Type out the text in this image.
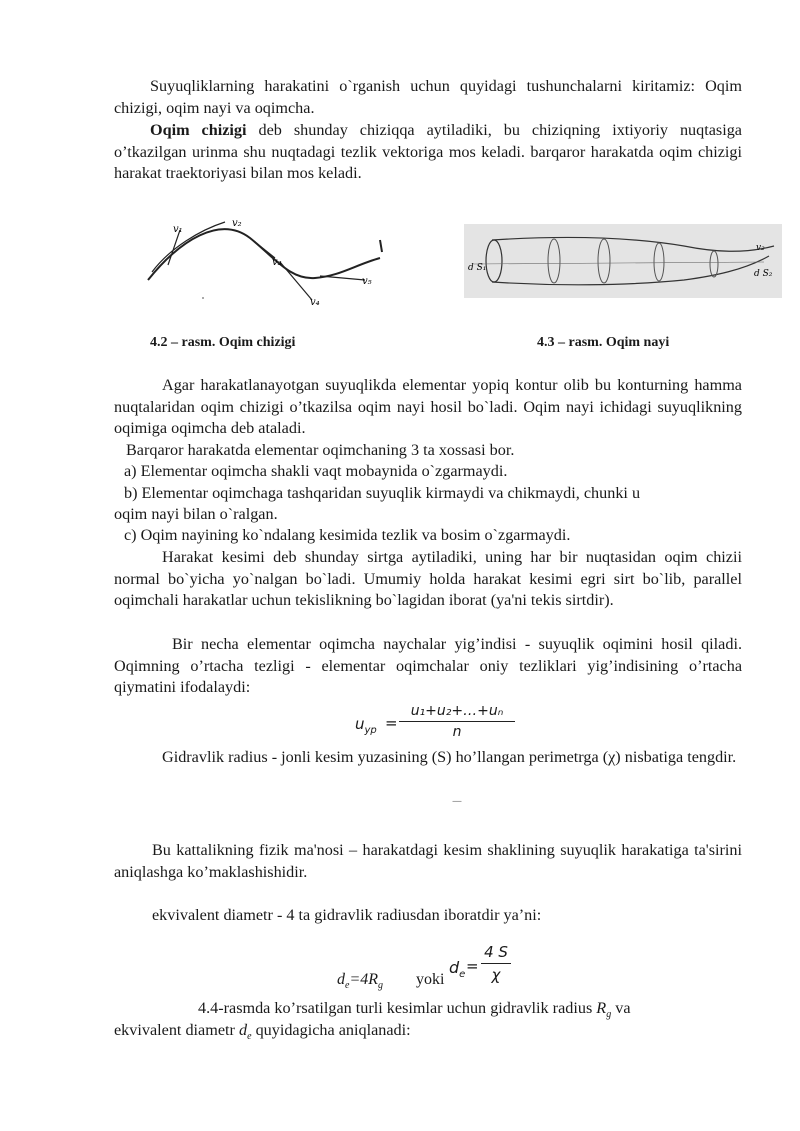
Suyuqliklarning harakatini o`rganish uchun quyidagi tushunchalarni kiritamiz: Oqim chizigi, oqim nayi va oqimcha.

Oqim chizigi deb shunday chiziqqa aytiladiki, bu chiziqning ixtiyoriy nuqtasiga o’tkazilgan urinma shu nuqtadagi tezlik vektoriga mos keladi. barqaror harakatda oqim chizigi harakat traektoriyasi bilan mos keladi.

v₁
v₂
v₃
v₅
v₄
d S₁
v₂
d S₂
4.2 – rasm. Oqim chizigi	4.3 – rasm. Oqim nayi

Agar harakatlanayotgan suyuqlikda elementar yopiq kontur olib bu konturning hamma nuqtalaridan oqim chizigi o’tkazilsa oqim nayi hosil bo`ladi. Oqim nayi ichidagi suyuqlikning oqimiga oqimcha deb ataladi.

Barqaror harakatda elementar oqimchaning 3 ta xossasi bor.
a) Elementar oqimcha shakli vaqt mobaynida o`zgarmaydi.
b) Elementar oqimchaga tashqaridan suyuqlik kirmaydi va chikmaydi, chunki u
oqim nayi bilan o`ralgan.
c) Oqim nayining ko`ndalang kesimida tezlik va bosim o`zgarmaydi.

Harakat kesimi deb shunday sirtga aytiladiki, uning har bir nuqtasidan oqim chizii normal bo`yicha yo`nalgan bo`ladi. Umumiy holda harakat kesimi egri sirt bo`lib, parallel oqimchali harakatlar uchun tekislikning bo`lagidan iborat (ya'ni tekis sirtdir).

Bir necha elementar oqimcha naychalar yig’indisi - suyuqlik oqimini hosil qiladi. Oqimning o’rtacha tezligi - elementar oqimchalar oniy tezliklari yig’indisining o’rtacha qiymatini ifodalaydi:

$u_{yp}$ =
u₁+u₂+…+uₙ
n

Gidravlik radius - jonli kesim yuzasining (S) ho’llangan perimetrga (χ) nisbatiga tengdir.

—

Bu kattalikning fizik ma'nosi – harakatdagi kesim shaklining suyuqlik harakatiga ta'sirini aniqlashga ko’maklashishidir.

ekvivalent diametr - 4 ta gidravlik radiusdan iboratdir ya’ni:
$d_e=4R_g$ yoki
$d_e$ =
4 S
χ
4.4-rasmda ko’rsatilgan turli kesimlar uchun gidravlik radius $R_g$ va
ekvivalent diametr $d_e$ quyidagicha aniqlanadi:
